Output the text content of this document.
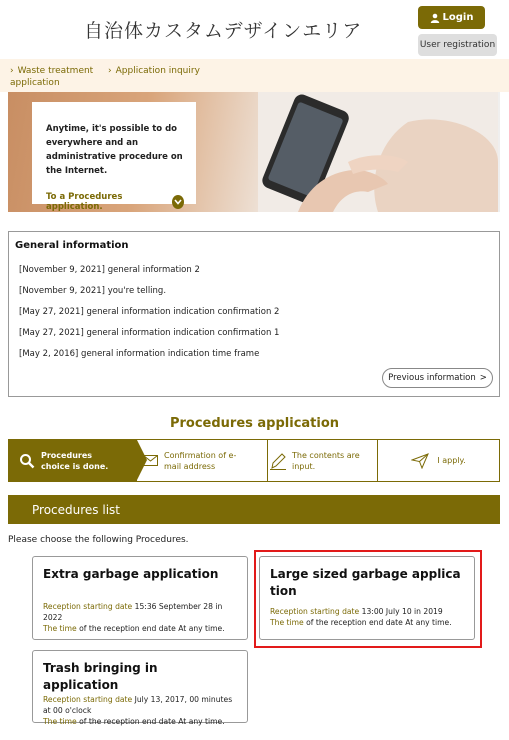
自治体カスタムデザインエリア
Login
User registration
› Waste treatment application
› Application inquiry
Anytime, it's possible to do everywhere and an administrative procedure on the Internet.
To a Procedures application.
General information
[November 9, 2021] general information 2
[November 9, 2021] you're telling.
[May 27, 2021] general information indication confirmation 2
[May 27, 2021] general information indication confirmation 1
[May 2, 2016] general information indication time frame
Previous information >
Procedures application
Procedures choice is done.
Confirmation of e-mail address
The contents are input.
I apply.
Procedures list
Please choose the following Procedures.
Extra garbage application
Reception starting date 15:36 September 28 in 2022
The time of the reception end date At any time.
Large sized garbage application
Reception starting date 13:00 July 10 in 2019
The time of the reception end date At any time.
Trash bringing in application
Reception starting date July 13, 2017, 00 minutes at 00 o'clock
The time of the reception end date At any time.
